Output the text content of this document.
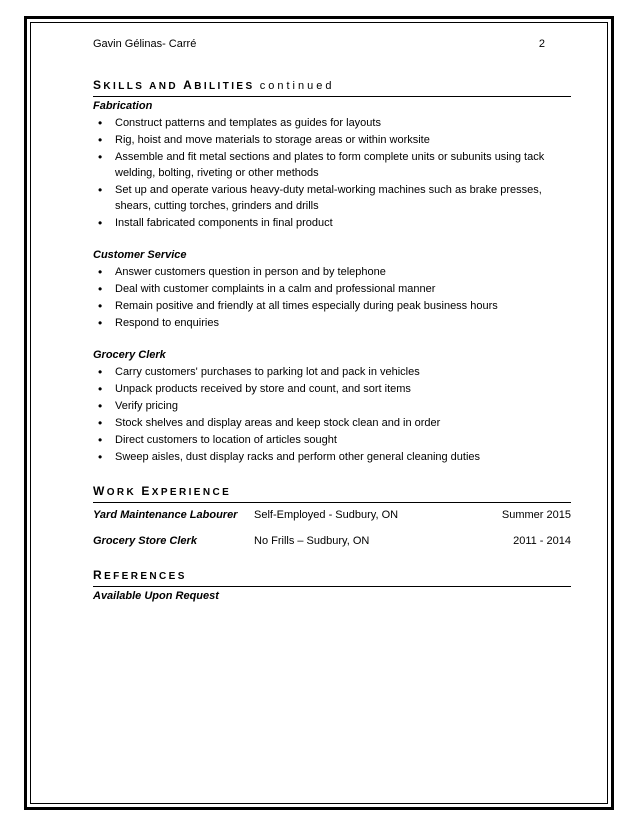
Gavin Gélinas- Carré	2
SKILLS AND ABILITIES continued
Fabrication
• Construct patterns and templates as guides for layouts
• Rig, hoist and move materials to storage areas or within worksite
• Assemble and fit metal sections and plates to form complete units or subunits using tack welding, bolting, riveting or other methods
• Set up and operate various heavy-duty metal-working machines such as brake presses, shears, cutting torches, grinders and drills
• Install fabricated components in final product
Customer Service
• Answer customers question in person and by telephone
• Deal with customer complaints in a calm and professional manner
• Remain positive and friendly at all times especially during peak business hours
• Respond to enquiries
Grocery Clerk
• Carry customers' purchases to parking lot and pack in vehicles
• Unpack products received by store and count, and sort items
• Verify pricing
• Stock shelves and display areas and keep stock clean and in order
• Direct customers to location of articles sought
• Sweep aisles, dust display racks and perform other general cleaning duties
WORK EXPERIENCE
Yard Maintenance Labourer	Self-Employed - Sudbury, ON	Summer 2015
Grocery Store Clerk	No Frills – Sudbury, ON	2011 - 2014
REFERENCES
Available Upon Request
